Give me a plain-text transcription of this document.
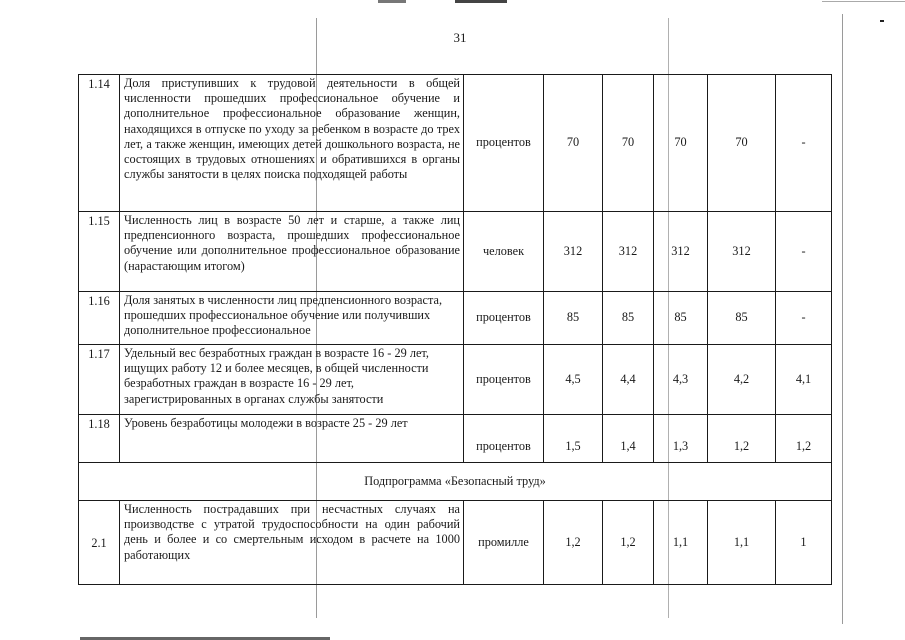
31
1.14	Доля приступивших к трудовой деятельности в общей численности прошедших профессиональное обучение и дополнительное профессиональное образование женщин, находящихся в отпуске по уходу за ребенком в возрасте до трех лет, а также женщин, имеющих детей дошкольного возраста, не состоящих в трудовых отношениях и обратившихся в органы службы занятости в целях поиска подходящей работы	процентов	70	70	70	70	-
1.15	Численность лиц в возрасте 50 лет и старше, а также лиц предпенсионного возраста, прошедших профессиональное обучение или дополнительное профессиональное образование (нарастающим итогом)	человек	312	312	312	312	-
1.16	Доля занятых в численности лиц предпенсионного возраста, прошедших профессиональное обучение или получивших дополнительное профессиональное	процентов	85	85	85	85	-
1.17	Удельный вес безработных граждан в возрасте 16 - 29 лет, ищущих работу 12 и более месяцев, в общей численности безработных граждан в возрасте 16 - 29 лет, зарегистрированных в органах службы занятости	процентов	4,5	4,4	4,3	4,2	4,1
1.18	Уровень безработицы молодежи в возрасте 25 - 29 лет	процентов	1,5	1,4	1,3	1,2	1,2
Подпрограмма «Безопасный труд»							
2.1	Численность пострадавших при несчастных случаях на производстве с утратой трудоспособности на один рабочий день и более и со смертельным исходом в расчете на 1000 работающих	промилле	1,2	1,2	1,1	1,1	1
